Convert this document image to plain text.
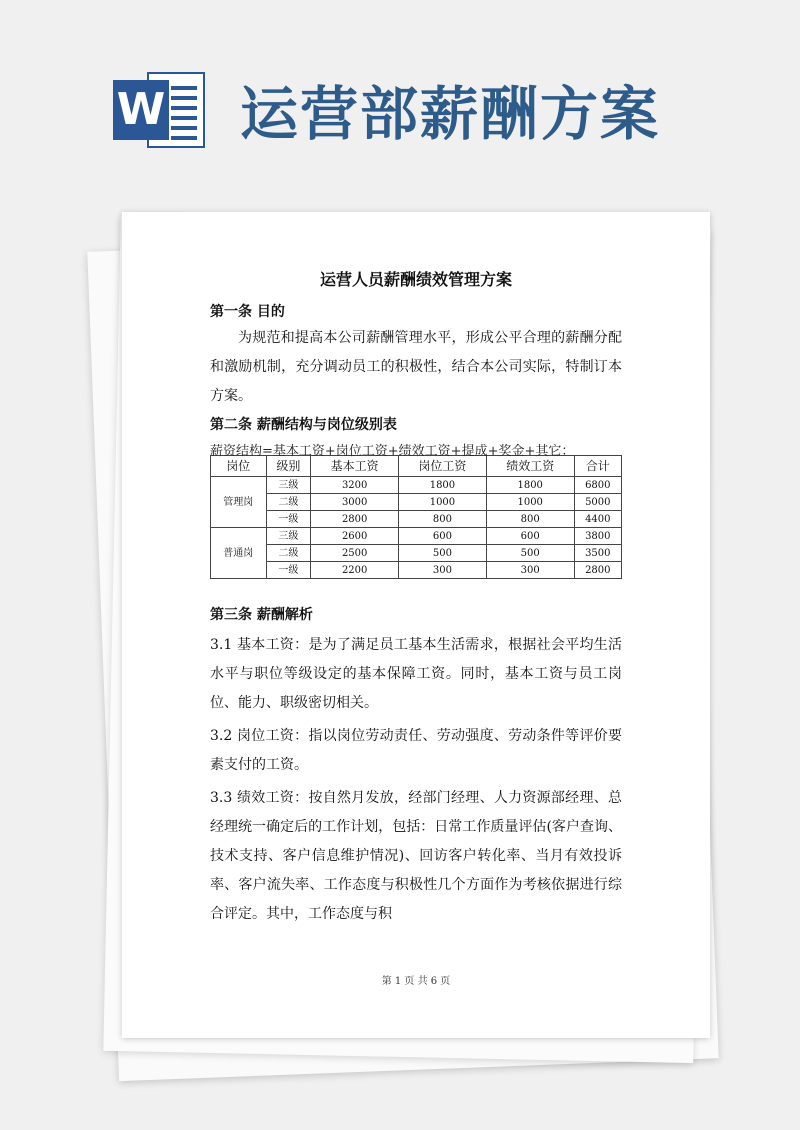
W 运营部薪酬方案

运营人员薪酬绩效管理方案

第一条 目的

为规范和提高本公司薪酬管理水平，形成公平合理的薪酬分配和激励机制，充分调动员工的积极性，结合本公司实际，特制订本方案。

第二条 薪酬结构与岗位级别表

薪资结构=基本工资+岗位工资+绩效工资+提成+奖金+其它：

岗位	级别	基本工资	岗位工资	绩效工资	合计
管理岗	三级	3200	1800	1800	6800
	二级	3000	1000	1000	5000
	一级	2800	800	800	4400
普通岗	三级	2600	600	600	3800
	二级	2500	500	500	3500
	一级	2200	300	300	2800

第三条 薪酬解析

3.1 基本工资：是为了满足员工基本生活需求，根据社会平均生活水平与职位等级设定的基本保障工资。同时，基本工资与员工岗位、能力、职级密切相关。

3.2 岗位工资：指以岗位劳动责任、劳动强度、劳动条件等评价要素支付的工资。

3.3 绩效工资：按自然月发放，经部门经理、人力资源部经理、总经理统一确定后的工作计划，包括：日常工作质量评估(客户查询、技术支持、客户信息维护情况)、回访客户转化率、当月有效投诉率、客户流失率、工作态度与积极性几个方面作为考核依据进行综合评定。其中，工作态度与积

第 1 页 共 6 页
